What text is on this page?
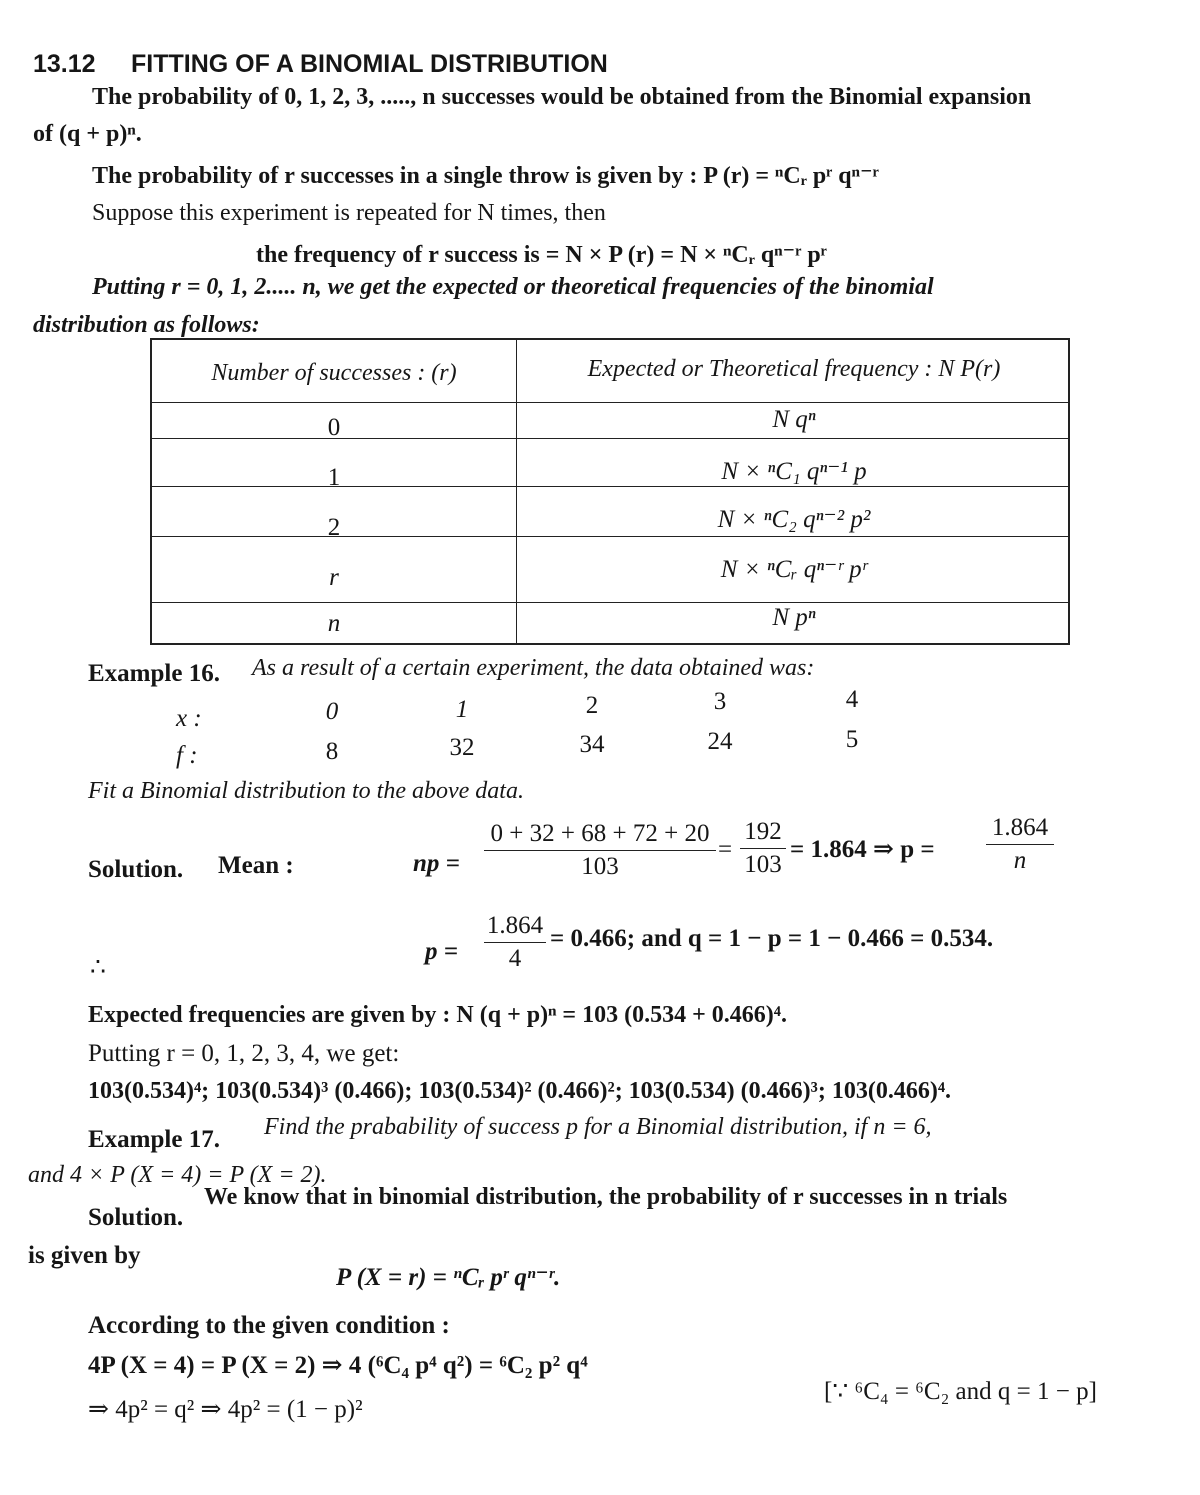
13.12 FITTING OF A BINOMIAL DISTRIBUTION
The probability of 0, 1, 2, 3, ....., n successes would be obtained from the Binomial expansion
of (q + p)ⁿ.
The probability of r successes in a single throw is given by : P (r) = ⁿCᵣ pʳ qⁿ⁻ʳ
Suppose this experiment is repeated for N times, then
the frequency of r success is = N × P (r) = N × ⁿCᵣ qⁿ⁻ʳ pʳ
Putting r = 0, 1, 2..... n, we get the expected or theoretical frequencies of the binomial
distribution as follows:
Number of successes : (r)	Expected or Theoretical frequency : N P(r)
0	N qⁿ
1	N × ⁿC₁ qⁿ⁻¹ p
2	N × ⁿC₂ qⁿ⁻² p²
r	N × ⁿCᵣ qⁿ⁻ʳ pʳ
n	N pⁿ
Example 16. As a result of a certain experiment, the data obtained was:
x :	0	1	2	3	4
f :	8	32	34	24	5
Fit a Binomial distribution to the above data.
Solution. Mean :	np =
0 + 32 + 68 + 72 + 20
103
=
192
103
= 1.864 ⇒ p =
1.864
n
∴
p =
1.864
4
= 0.466; and q = 1 − p = 1 − 0.466 = 0.534.
Expected frequencies are given by : N (q + p)ⁿ = 103 (0.534 + 0.466)⁴.
Putting r = 0, 1, 2, 3, 4, we get:
103(0.534)⁴; 103(0.534)³ (0.466); 103(0.534)² (0.466)²; 103(0.534) (0.466)³; 103(0.466)⁴.
Example 17. Find the prabability of success p for a Binomial distribution, if n = 6,
and 4 × P (X = 4) = P (X = 2).
Solution.
We know that in binomial distribution, the probability of r successes in n trials
is given by
P (X = r) = ⁿCᵣ pʳ qⁿ⁻ʳ.
According to the given condition :
4P (X = 4) = P (X = 2) ⇒ 4 (⁶C₄ p⁴ q²) = ⁶C₂ p² q⁴
⇒ 4p² = q² ⇒ 4p² = (1 − p)²
[∵ ⁶C₄ = ⁶C₂ and q = 1 − p]
